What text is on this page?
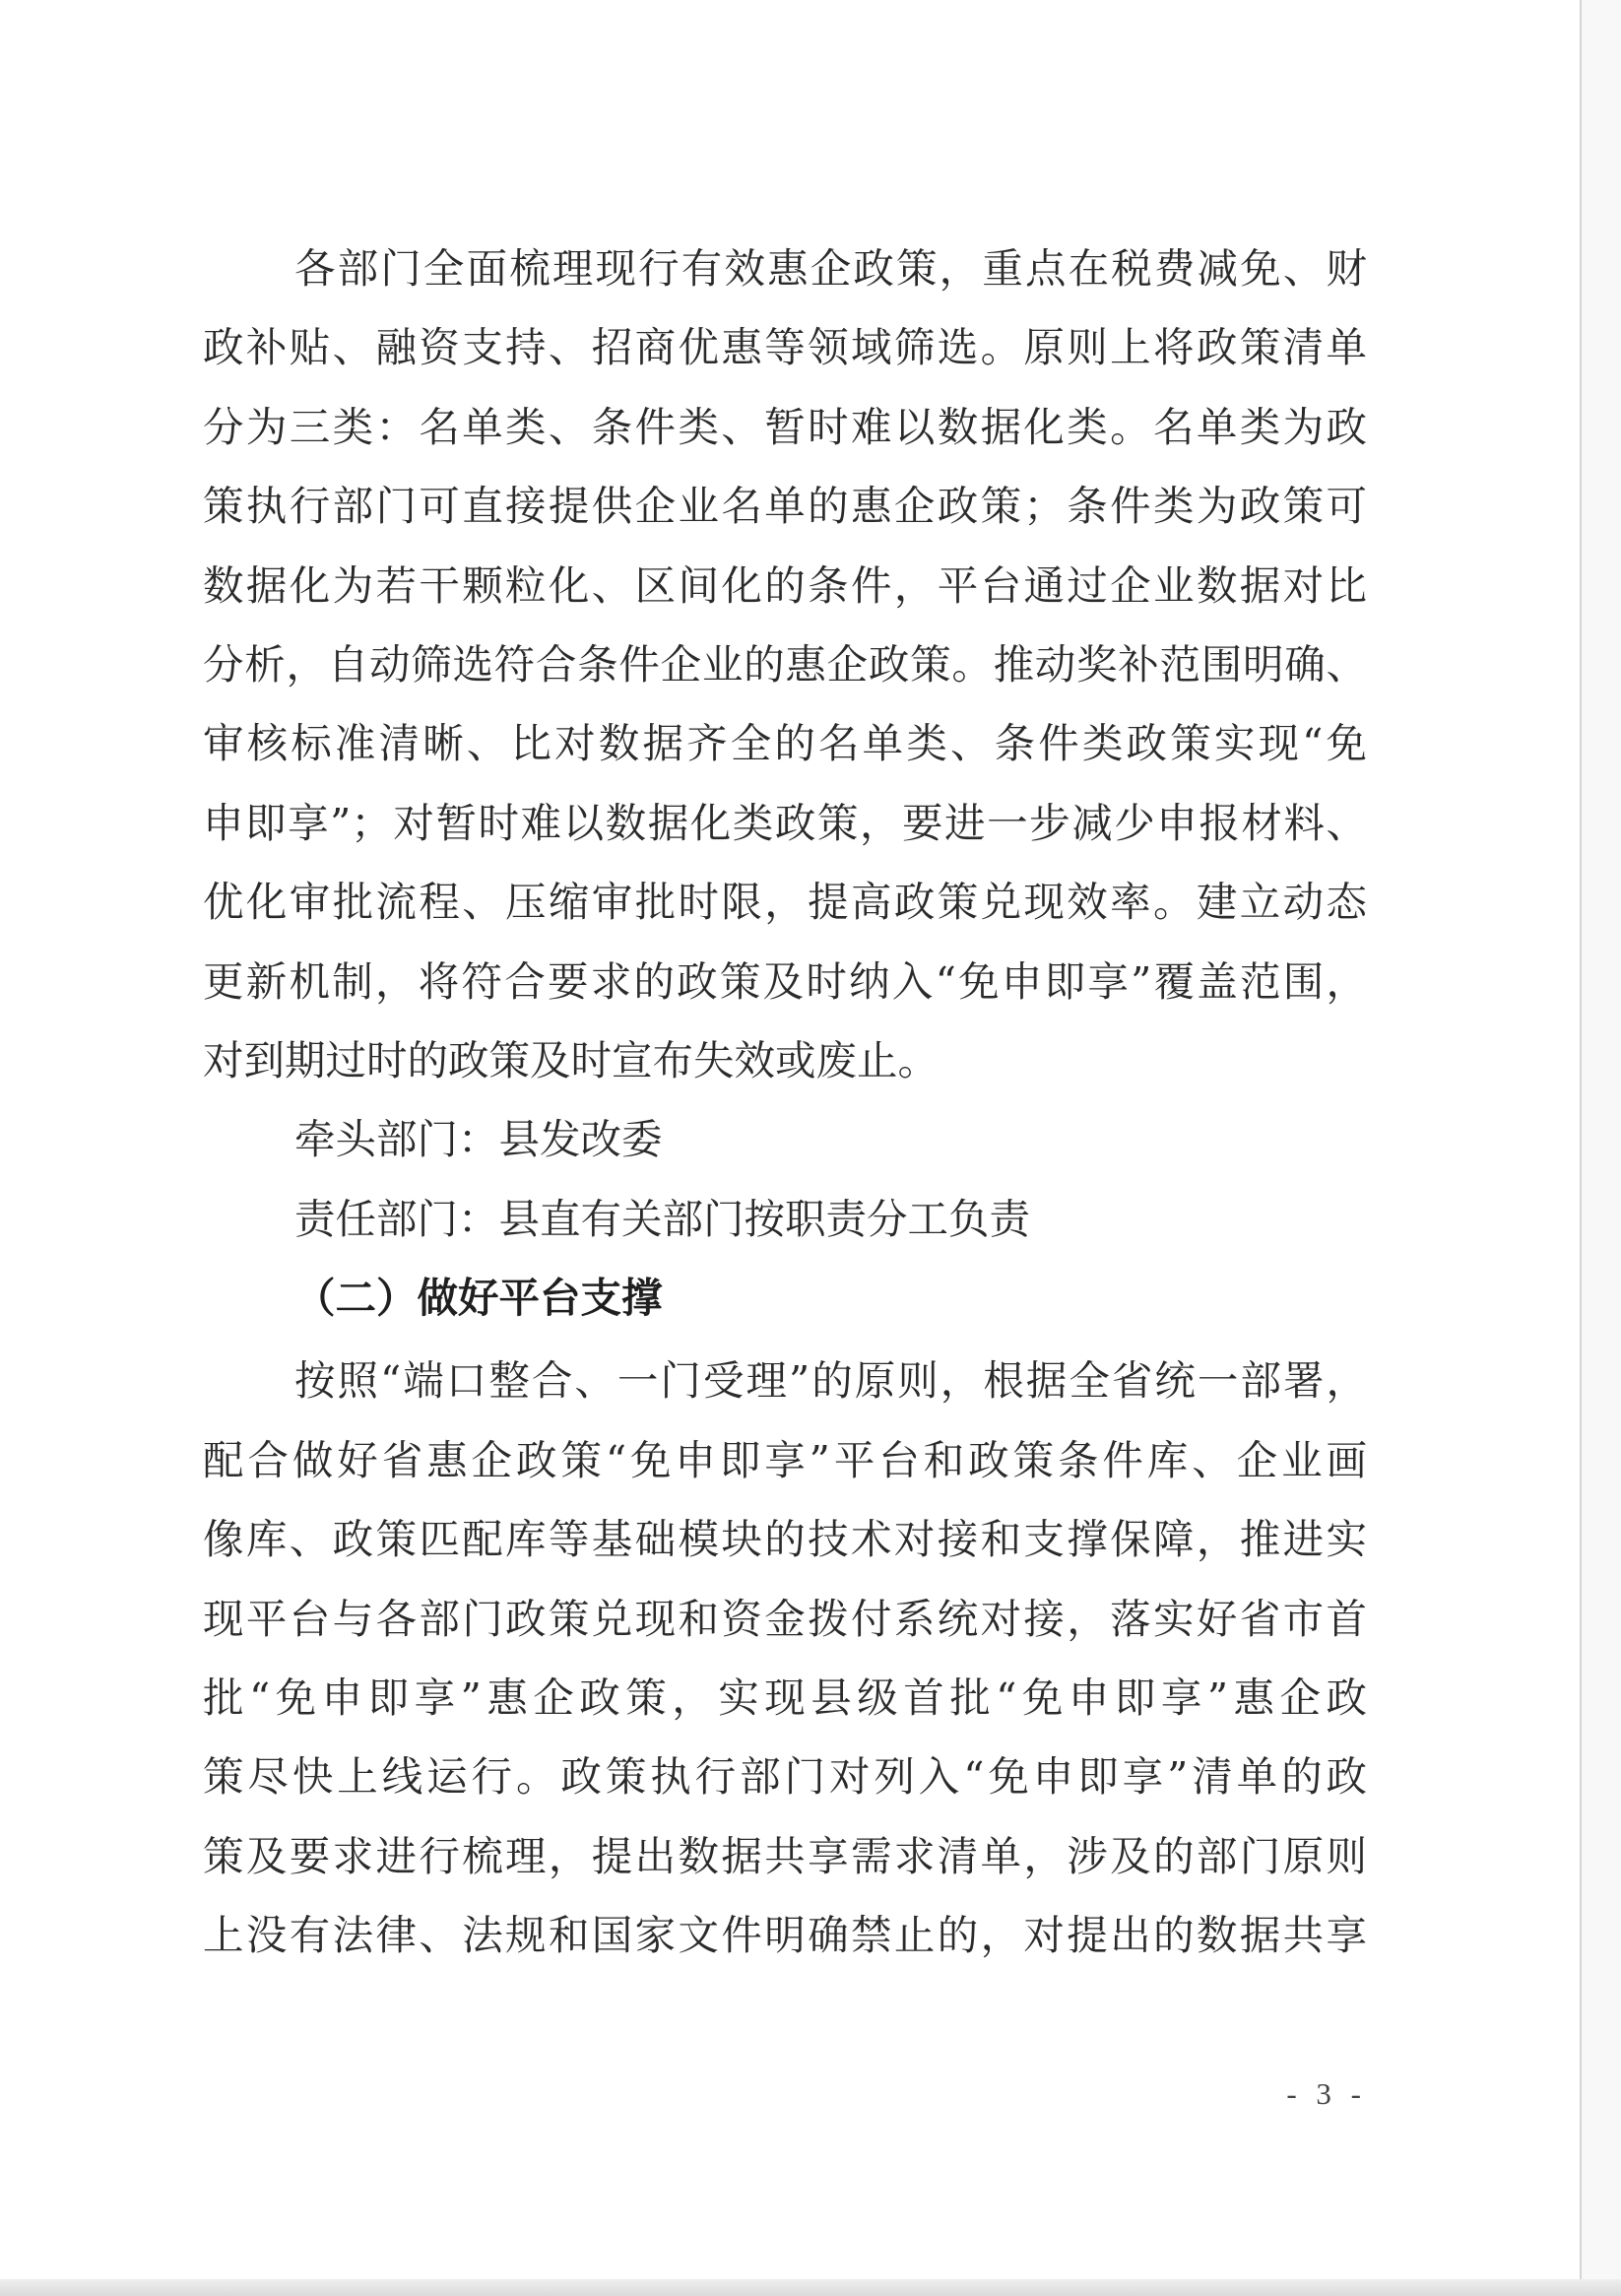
各部门全面梳理现行有效惠企政策，重点在税费减免、财
政补贴、融资支持、招商优惠等领域筛选。原则上将政策清单
分为三类：名单类、条件类、暂时难以数据化类。名单类为政
策执行部门可直接提供企业名单的惠企政策；条件类为政策可
数据化为若干颗粒化、区间化的条件，平台通过企业数据对比
分析，自动筛选符合条件企业的惠企政策。推动奖补范围明确、
审核标准清晰、比对数据齐全的名单类、条件类政策实现“免
申即享”；对暂时难以数据化类政策，要进一步减少申报材料、
优化审批流程、压缩审批时限，提高政策兑现效率。建立动态
更新机制，将符合要求的政策及时纳入“免申即享”覆盖范围，
对到期过时的政策及时宣布失效或废止。
牵头部门：县发改委
责任部门：县直有关部门按职责分工负责
（二）做好平台支撑
按照“端口整合、一门受理”的原则，根据全省统一部署，
配合做好省惠企政策“免申即享”平台和政策条件库、企业画
像库、政策匹配库等基础模块的技术对接和支撑保障，推进实
现平台与各部门政策兑现和资金拨付系统对接，落实好省市首
批“免申即享”惠企政策，实现县级首批“免申即享”惠企政
策尽快上线运行。政策执行部门对列入“免申即享”清单的政
策及要求进行梳理，提出数据共享需求清单，涉及的部门原则
上没有法律、法规和国家文件明确禁止的，对提出的数据共享
- 3 -
